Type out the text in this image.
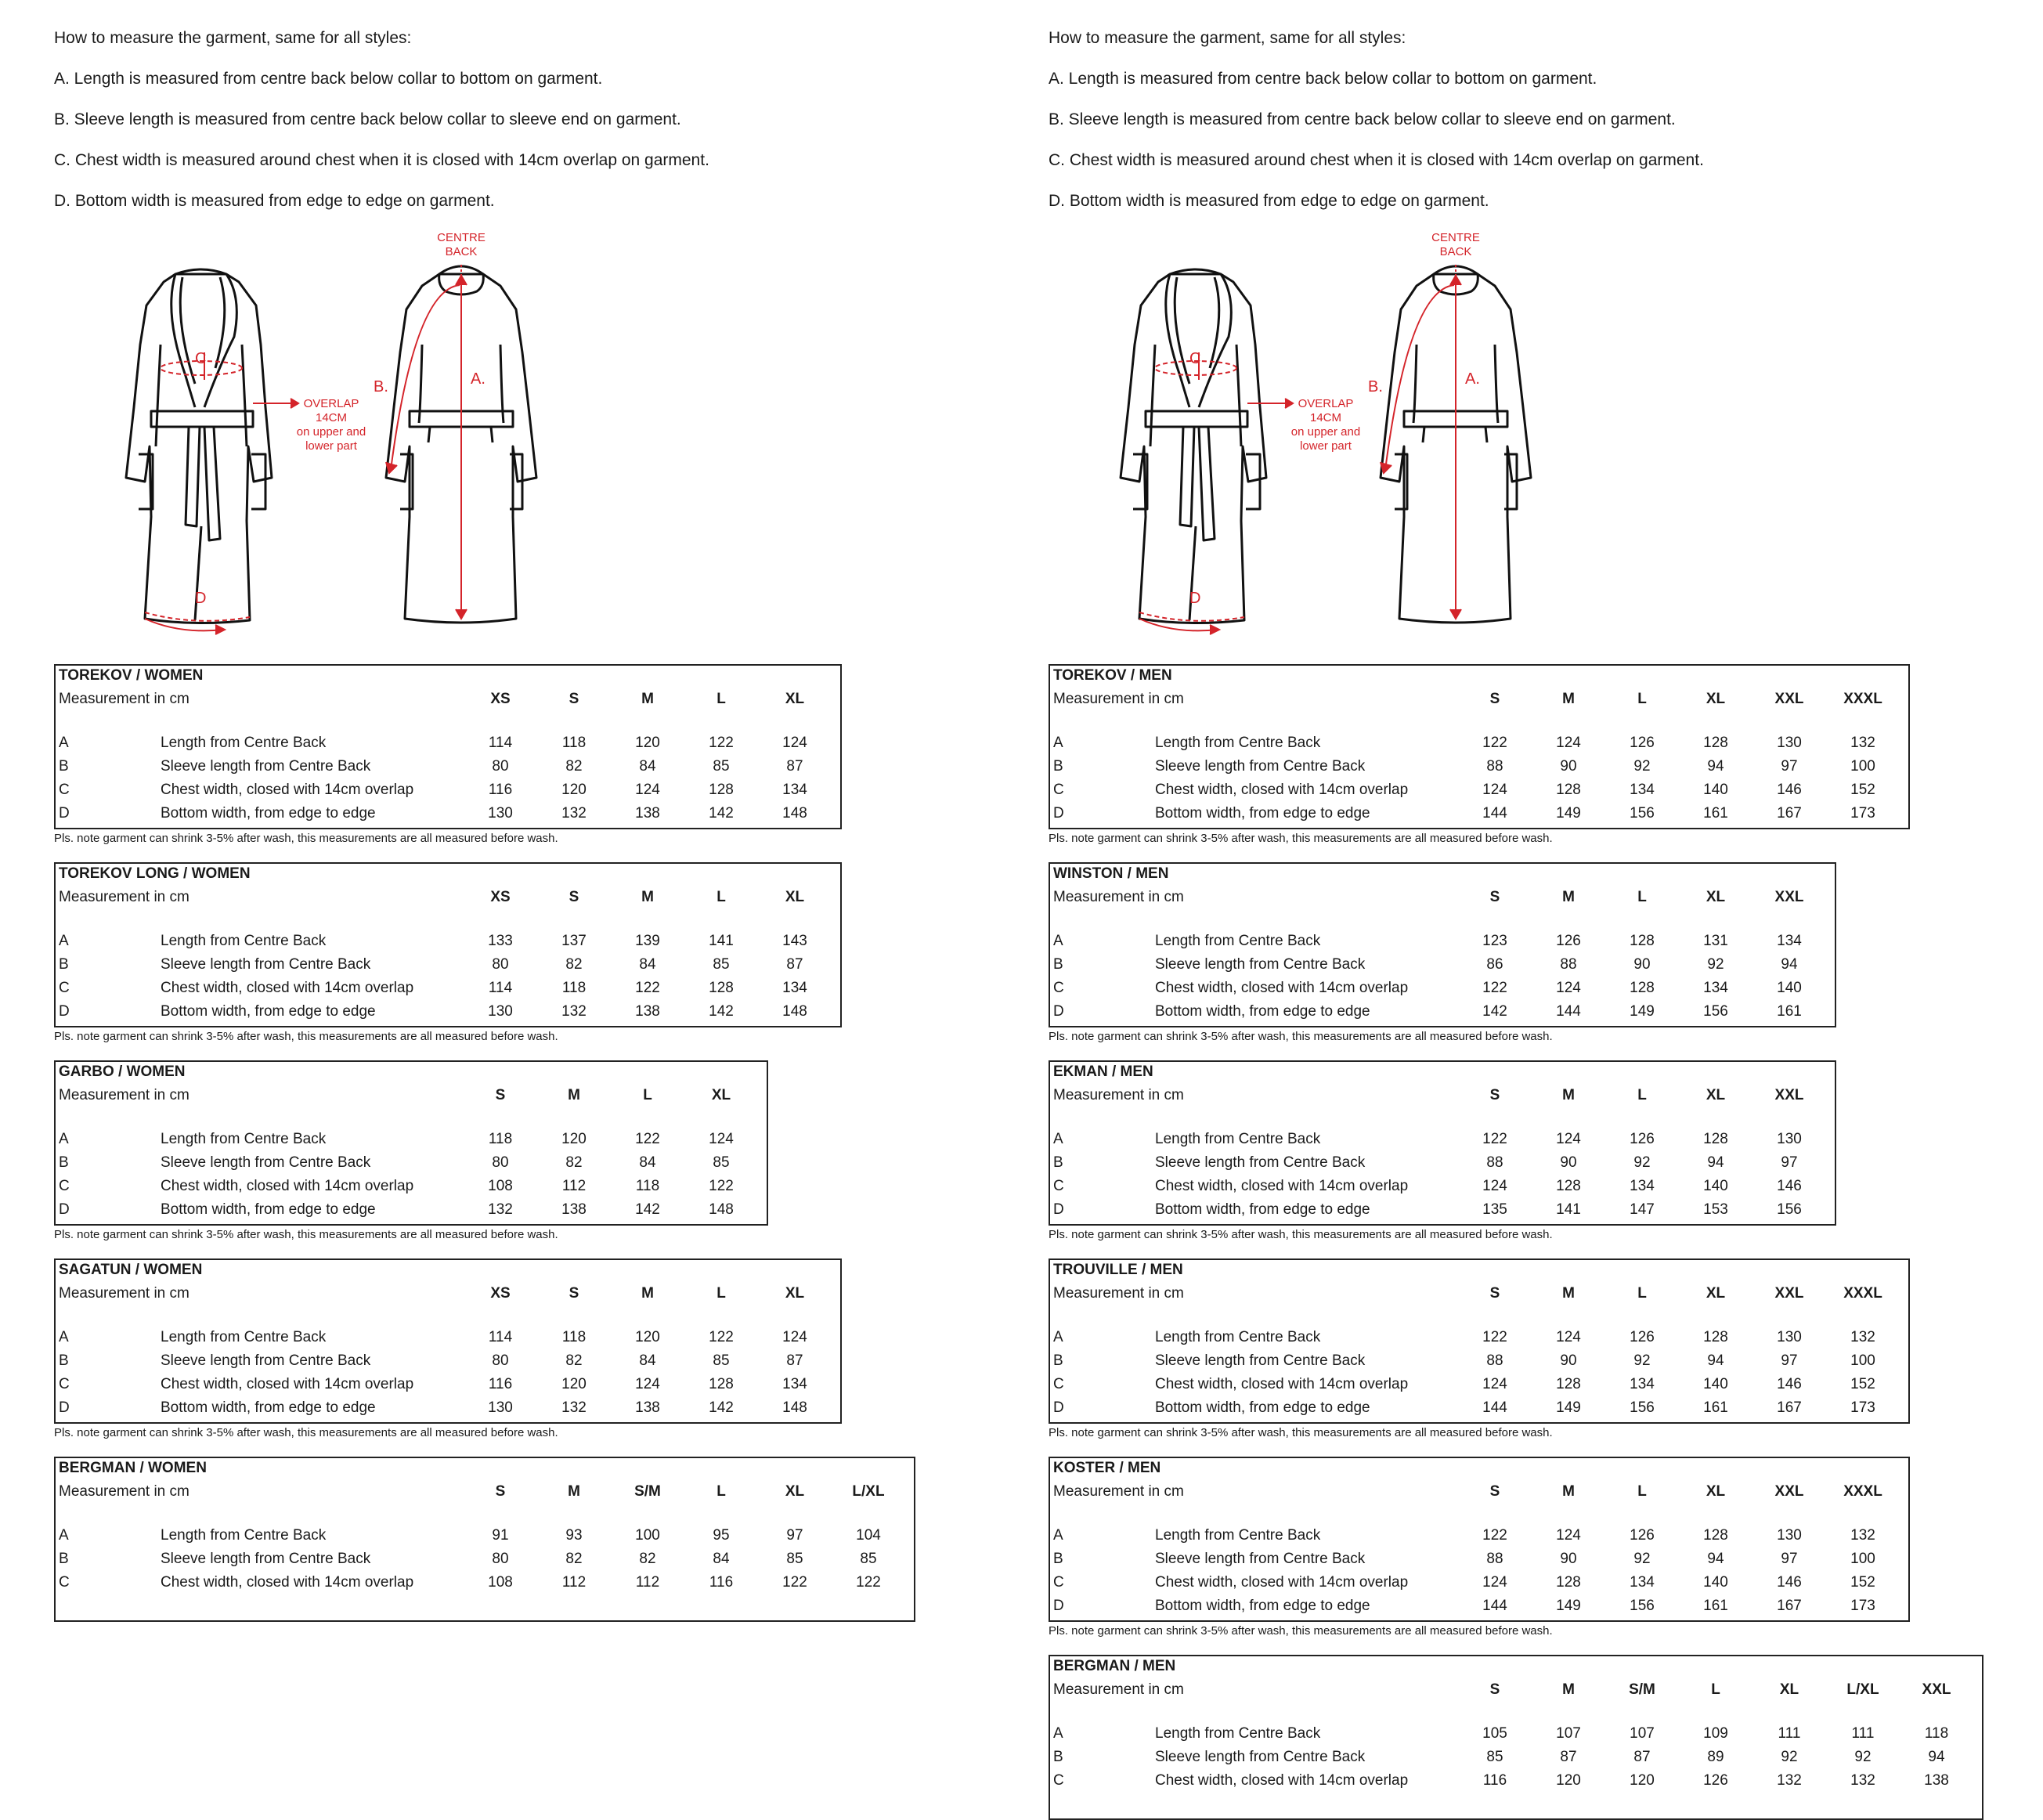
How to measure the garment, same for all styles:
A. Length is measured from centre back below collar to bottom on garment.
B. Sleeve length is measured from centre back below collar to sleeve end on garment.
C. Chest width is measured around chest when it is closed with 14cm overlap on garment.
D. Bottom width is measured from edge to edge on garment.
C
D
OVERLAP
14CM
on upper and
lower part
CENTRE
BACK
A.
B.
TOREKOV / WOMEN
Measurement in cm	XS	S	M	L	XL
A	Length from Centre Back	114	118	120	122	124
B	Sleeve length from Centre Back	80	82	84	85	87
C	Chest width, closed with 14cm overlap	116	120	124	128	134
D	Bottom width, from edge to edge	130	132	138	142	148
Pls. note garment can shrink 3-5% after wash, this measurements are all measured before wash.
TOREKOV LONG / WOMEN
Measurement in cm	XS	S	M	L	XL
A	Length from Centre Back	133	137	139	141	143
B	Sleeve length from Centre Back	80	82	84	85	87
C	Chest width, closed with 14cm overlap	114	118	122	128	134
D	Bottom width, from edge to edge	130	132	138	142	148
Pls. note garment can shrink 3-5% after wash, this measurements are all measured before wash.
GARBO / WOMEN
Measurement in cm	S	M	L	XL
A	Length from Centre Back	118	120	122	124
B	Sleeve length from Centre Back	80	82	84	85
C	Chest width, closed with 14cm overlap	108	112	118	122
D	Bottom width, from edge to edge	132	138	142	148
Pls. note garment can shrink 3-5% after wash, this measurements are all measured before wash.
SAGATUN / WOMEN
Measurement in cm	XS	S	M	L	XL
A	Length from Centre Back	114	118	120	122	124
B	Sleeve length from Centre Back	80	82	84	85	87
C	Chest width, closed with 14cm overlap	116	120	124	128	134
D	Bottom width, from edge to edge	130	132	138	142	148
Pls. note garment can shrink 3-5% after wash, this measurements are all measured before wash.
BERGMAN / WOMEN
Measurement in cm	S	M	S/M	L	XL	L/XL
A	Length from Centre Back	91	93	100	95	97	104
B	Sleeve length from Centre Back	80	82	82	84	85	85
C	Chest width, closed with 14cm overlap	108	112	112	116	122	122
How to measure the garment, same for all styles:
A. Length is measured from centre back below collar to bottom on garment.
B. Sleeve length is measured from centre back below collar to sleeve end on garment.
C. Chest width is measured around chest when it is closed with 14cm overlap on garment.
D. Bottom width is measured from edge to edge on garment.
C
D
OVERLAP
14CM
on upper and
lower part
CENTRE
BACK
A.
B.
TOREKOV / MEN
Measurement in cm	S	M	L	XL	XXL	XXXL
A	Length from Centre Back	122	124	126	128	130	132
B	Sleeve length from Centre Back	88	90	92	94	97	100
C	Chest width, closed with 14cm overlap	124	128	134	140	146	152
D	Bottom width, from edge to edge	144	149	156	161	167	173
Pls. note garment can shrink 3-5% after wash, this measurements are all measured before wash.
WINSTON / MEN
Measurement in cm	S	M	L	XL	XXL
A	Length from Centre Back	123	126	128	131	134
B	Sleeve length from Centre Back	86	88	90	92	94
C	Chest width, closed with 14cm overlap	122	124	128	134	140
D	Bottom width, from edge to edge	142	144	149	156	161
Pls. note garment can shrink 3-5% after wash, this measurements are all measured before wash.
EKMAN / MEN
Measurement in cm	S	M	L	XL	XXL
A	Length from Centre Back	122	124	126	128	130
B	Sleeve length from Centre Back	88	90	92	94	97
C	Chest width, closed with 14cm overlap	124	128	134	140	146
D	Bottom width, from edge to edge	135	141	147	153	156
Pls. note garment can shrink 3-5% after wash, this measurements are all measured before wash.
TROUVILLE / MEN
Measurement in cm	S	M	L	XL	XXL	XXXL
A	Length from Centre Back	122	124	126	128	130	132
B	Sleeve length from Centre Back	88	90	92	94	97	100
C	Chest width, closed with 14cm overlap	124	128	134	140	146	152
D	Bottom width, from edge to edge	144	149	156	161	167	173
Pls. note garment can shrink 3-5% after wash, this measurements are all measured before wash.
KOSTER / MEN
Measurement in cm	S	M	L	XL	XXL	XXXL
A	Length from Centre Back	122	124	126	128	130	132
B	Sleeve length from Centre Back	88	90	92	94	97	100
C	Chest width, closed with 14cm overlap	124	128	134	140	146	152
D	Bottom width, from edge to edge	144	149	156	161	167	173
Pls. note garment can shrink 3-5% after wash, this measurements are all measured before wash.
BERGMAN / MEN
Measurement in cm	S	M	S/M	L	XL	L/XL	XXL
A	Length from Centre Back	105	107	107	109	111	111	118
B	Sleeve length from Centre Back	85	87	87	89	92	92	94
C	Chest width, closed with 14cm overlap	116	120	120	126	132	132	138
